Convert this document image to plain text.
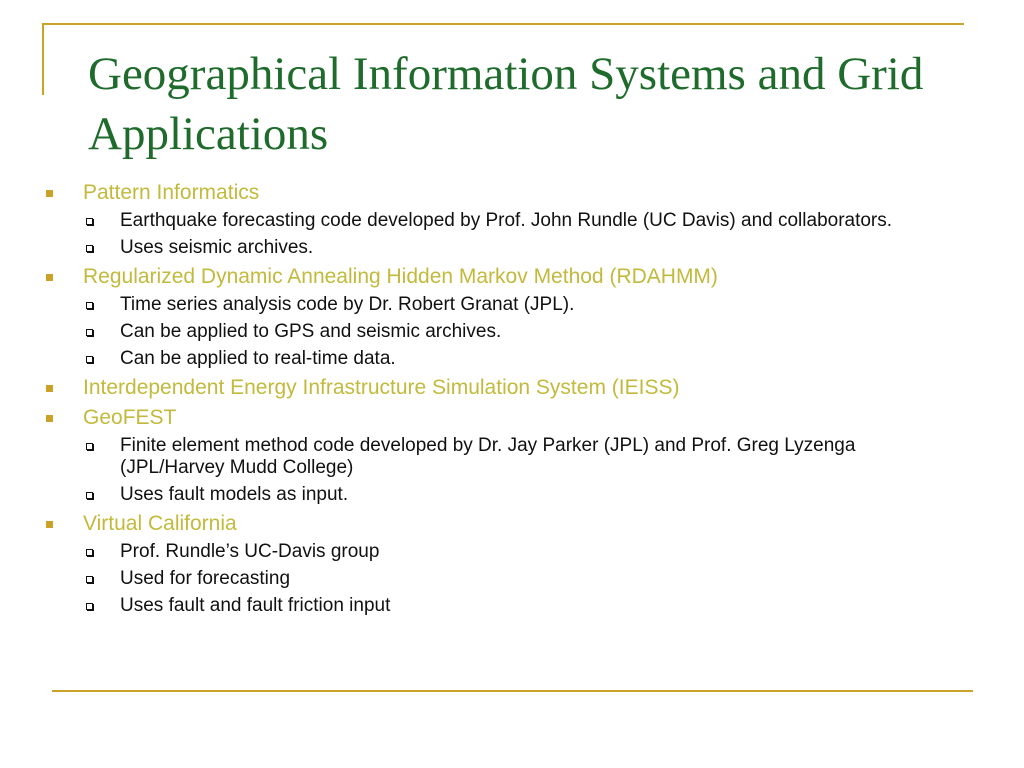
Geographical Information Systems and Grid Applications
Pattern Informatics
Earthquake forecasting code developed by Prof. John Rundle (UC Davis) and collaborators.
Uses seismic archives.
Regularized Dynamic Annealing Hidden Markov Method (RDAHMM)
Time series analysis code by Dr. Robert Granat (JPL).
Can be applied to GPS and seismic archives.
Can be applied to real-time data.
Interdependent Energy Infrastructure Simulation System (IEISS)
GeoFEST
Finite element method code developed by Dr. Jay Parker (JPL) and Prof. Greg Lyzenga (JPL/Harvey Mudd College)
Uses fault models as input.
Virtual California
Prof. Rundle’s UC-Davis group
Used for forecasting
Uses fault and fault friction input
